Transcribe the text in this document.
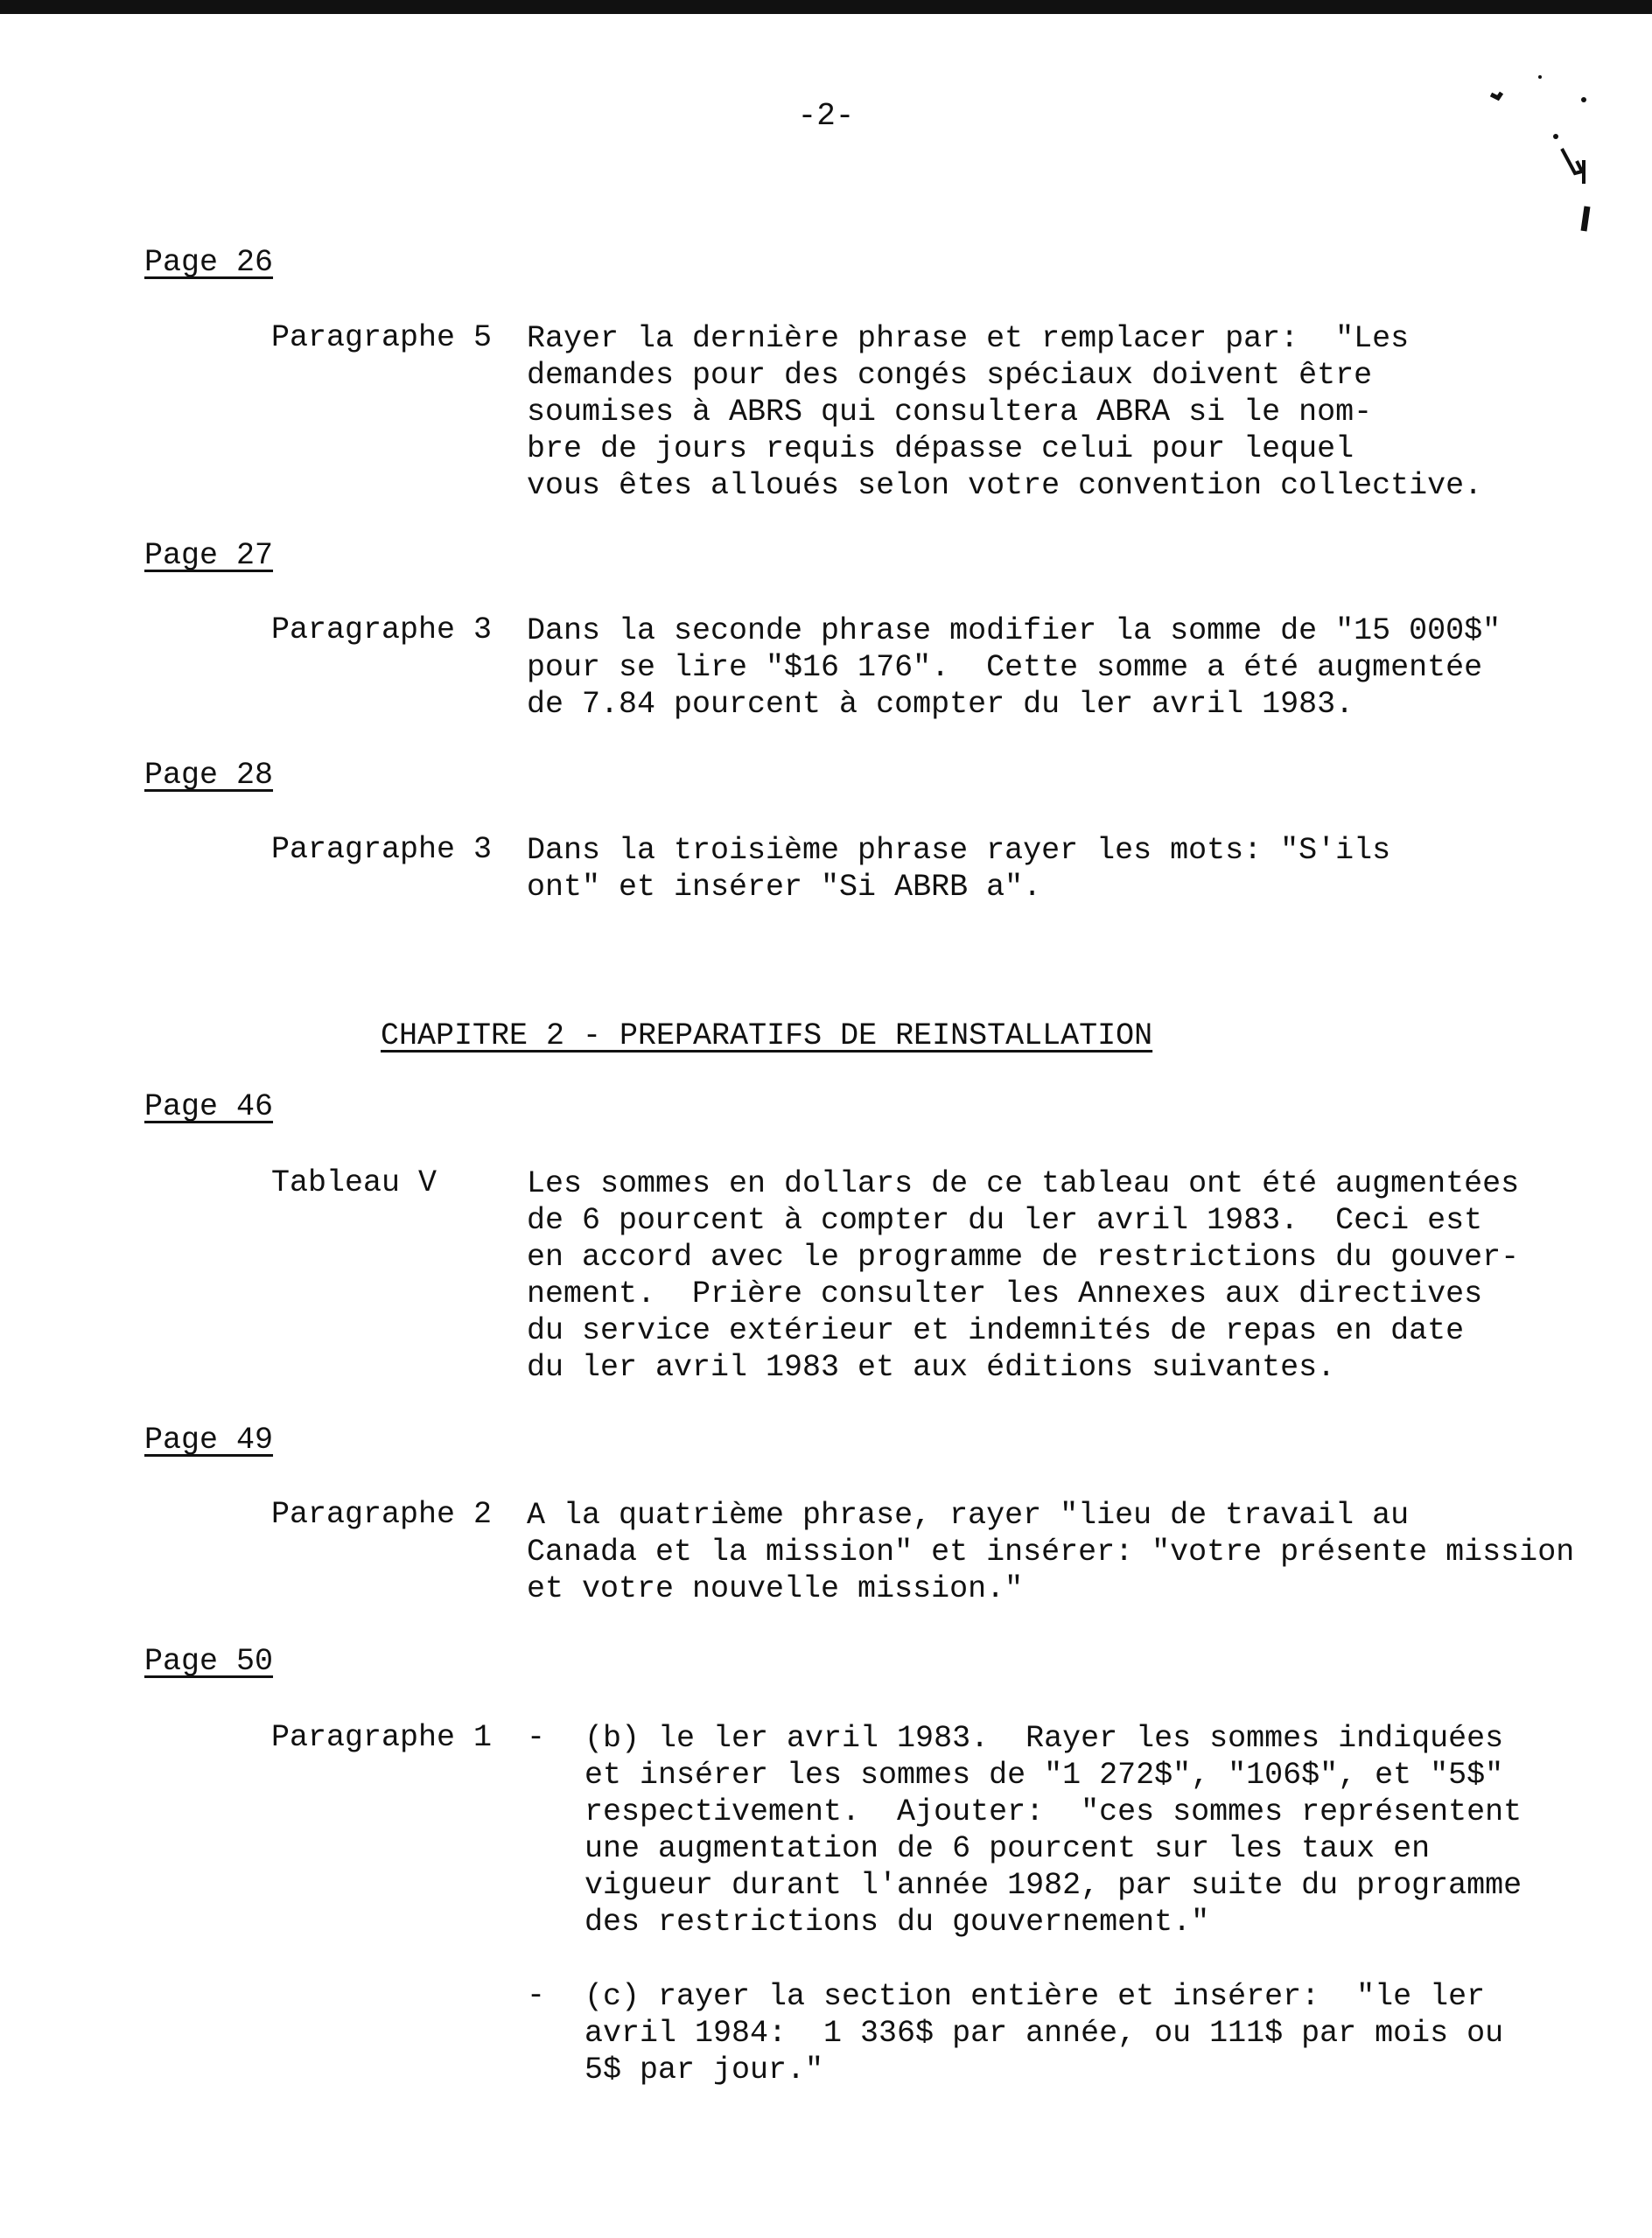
-2-
Page 26
Paragraphe 5 Rayer la dernière phrase et remplacer par:  "Les
demandes pour des congés spéciaux doivent être
soumises à ABRS qui consultera ABRA si le nom-
bre de jours requis dépasse celui pour lequel
vous êtes alloués selon votre convention collective.
Page 27
Paragraphe 3 Dans la seconde phrase modifier la somme de "15 000$"
pour se lire "$16 176".  Cette somme a été augmentée
de 7.84 pourcent à compter du ler avril 1983.
Page 28
Paragraphe 3 Dans la troisième phrase rayer les mots: "S'ils
ont" et insérer "Si ABRB a".
CHAPITRE 2 - PREPARATIFS DE REINSTALLATION
Page 46
Tableau V	Les sommes en dollars de ce tableau ont été augmentées
de 6 pourcent à compter du ler avril 1983.  Ceci est
en accord avec le programme de restrictions du gouver-
nement.  Prière consulter les Annexes aux directives
du service extérieur et indemnités de repas en date
du ler avril 1983 et aux éditions suivantes.
Page 49
Paragraphe 2 A la quatrième phrase, rayer "lieu de travail au
Canada et la mission" et insérer: "votre présente mission
et votre nouvelle mission."
Page 50
Paragraphe 1 - (b) le ler avril 1983.  Rayer les sommes indiquées
et insérer les sommes de "1 272$", "106$", et "5$"
respectivement.  Ajouter:  "ces sommes représentent
une augmentation de 6 pourcent sur les taux en
vigueur durant l'année 1982, par suite du programme
des restrictions du gouvernement."
- (c) rayer la section entière et insérer:  "le ler
avril 1984:  1 336$ par année, ou 111$ par mois ou
5$ par jour."
